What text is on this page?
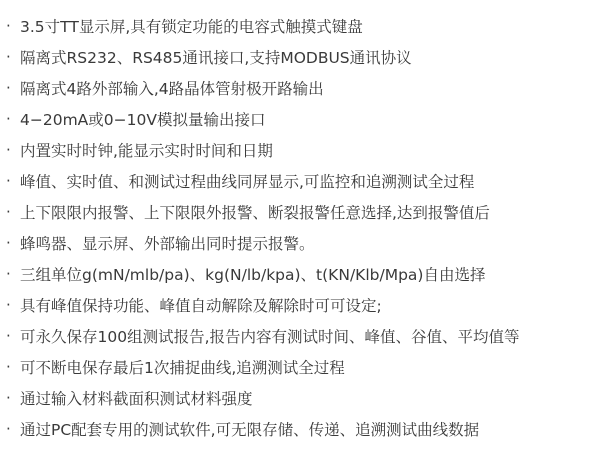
· 3.5寸TT显示屏,具有锁定功能的电容式触摸式键盘
· 隔离式RS232、RS485通讯接口,支持MODBUS通讯协议
· 隔离式4路外部输入,4路晶体管射极开路输出
· 4−20mA或0−10V模拟量输出接口
· 内置实时时钟,能显示实时时间和日期
· 峰值、实时值、和测试过程曲线同屏显示,可监控和追溯测试全过程
· 上下限限内报警、上下限限外报警、断裂报警任意选择,达到报警值后
· 蜂鸣器、显示屏、外部输出同时提示报警。
· 三组单位g(mN/mlb/pa)、kg(N/lb/kpa)、t(KN/Klb/Mpa)自由选择
· 具有峰值保持功能、峰值自动解除及解除时可可设定;
· 可永久保存100组测试报告,报告内容有测试时间、峰值、谷值、平均值等
· 可不断电保存最后1次捕捉曲线,追溯测试全过程
· 通过输入材料截面积测试材料强度
· 通过PC配套专用的测试软件,可无限存储、传递、追溯测试曲线数据
